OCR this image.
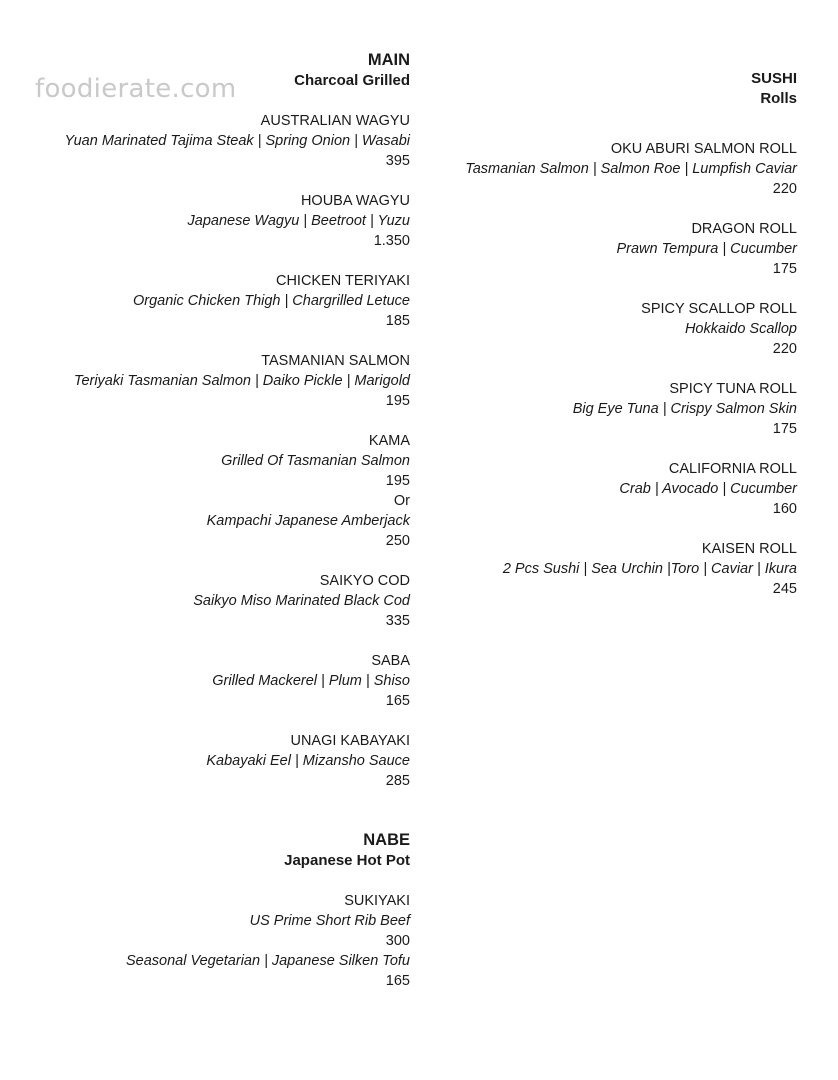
foodierate.com
MAIN
Charcoal Grilled
AUSTRALIAN WAGYU
Yuan Marinated Tajima Steak | Spring Onion | Wasabi
395
HOUBA WAGYU
Japanese Wagyu | Beetroot | Yuzu
1.350
CHICKEN TERIYAKI
Organic Chicken Thigh | Chargrilled Letuce
185
TASMANIAN SALMON
Teriyaki Tasmanian Salmon | Daiko Pickle | Marigold
195
KAMA
Grilled Of Tasmanian Salmon
195
Or
Kampachi Japanese Amberjack
250
SAIKYO COD
Saikyo Miso Marinated Black Cod
335
SABA
Grilled Mackerel | Plum | Shiso
165
UNAGI KABAYAKI
Kabayaki Eel | Mizansho Sauce
285
NABE
Japanese Hot Pot
SUKIYAKI
US Prime Short Rib Beef
300
Seasonal Vegetarian | Japanese Silken Tofu
165
SUSHI
Rolls
OKU ABURI SALMON ROLL
Tasmanian Salmon | Salmon Roe | Lumpfish Caviar
220
DRAGON ROLL
Prawn Tempura | Cucumber
175
SPICY SCALLOP ROLL
Hokkaido Scallop
220
SPICY TUNA ROLL
Big Eye Tuna | Crispy Salmon Skin
175
CALIFORNIA ROLL
Crab | Avocado | Cucumber
160
KAISEN ROLL
2 Pcs Sushi | Sea Urchin |Toro | Caviar | Ikura
245
